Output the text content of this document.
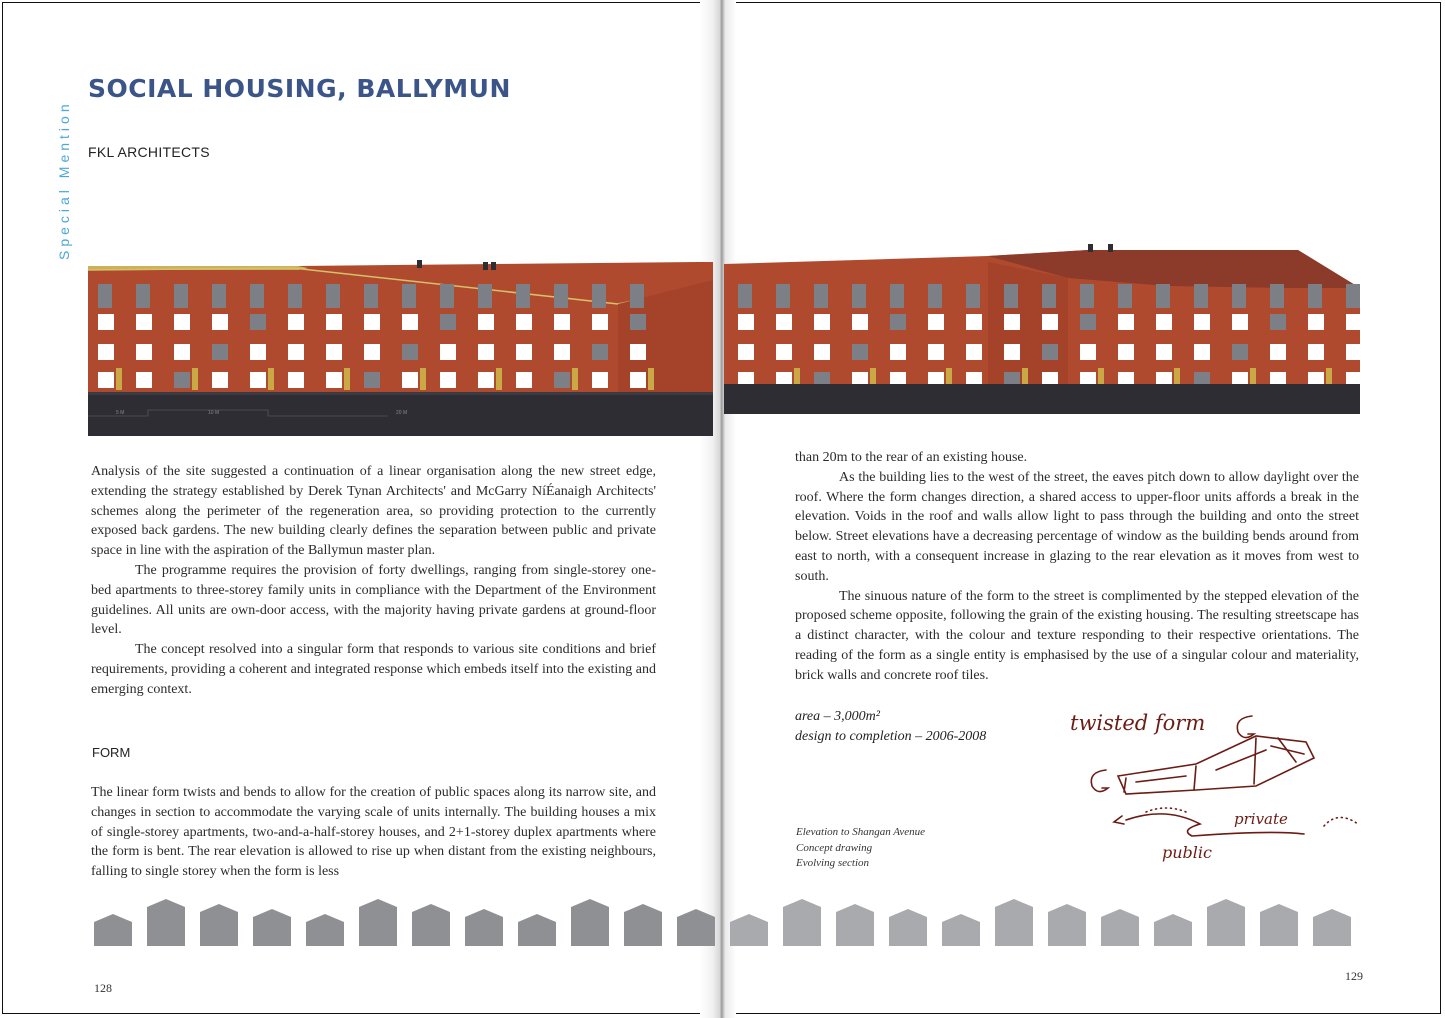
Special Mention
SOCIAL HOUSING, BALLYMUN
FKL ARCHITECTS
5 M	10 M	20 M

Analysis of the site suggested a continuation of a linear organisation along the new street edge, extending the strategy established by Derek Tynan Architects' and McGarry NíÉanaigh Architects' schemes along the perimeter of the regeneration area, so providing protection to the currently exposed back gardens. The new building clearly defines the separation between public and private space in line with the aspiration of the Ballymun master plan.

The programme requires the provision of forty dwellings, ranging from single-storey one-bed apartments to three-storey family units in compliance with the Department of the Environment guidelines. All units are own-door access, with the majority having private gardens at ground-floor level.

The concept resolved into a singular form that responds to various site conditions and brief requirements, providing a coherent and integrated response which embeds itself into the existing and emerging context.

FORM

The linear form twists and bends to allow for the creation of public spaces along its narrow site, and changes in section to accommodate the varying scale of units internally. The building houses a mix of single-storey apartments, two-and-a-half-storey houses, and 2+1-storey duplex apartments where the form is bent. The rear elevation is allowed to rise up when distant from the existing neighbours, falling to single storey when the form is less

than 20m to the rear of an existing house.

As the building lies to the west of the street, the eaves pitch down to allow daylight over the roof. Where the form changes direction, a shared access to upper-floor units affords a break in the elevation. Voids in the roof and walls allow light to pass through the building and onto the street below. Street elevations have a decreasing percentage of window as the building bends around from east to north, with a consequent increase in glazing to the rear elevation as it moves from west to south.

The sinuous nature of the form to the street is complimented by the stepped elevation of the proposed scheme opposite, following the grain of the existing housing. The resulting streetscape has a distinct character, with the colour and texture responding to their respective orientations. The reading of the form as a single entity is emphasised by the use of a singular colour and materiality, brick walls and concrete roof tiles.

area – 3,000m²
design to completion – 2006-2008
twisted form
private
public
Elevation to Shangan Avenue
Concept drawing
Evolving section
128
129
